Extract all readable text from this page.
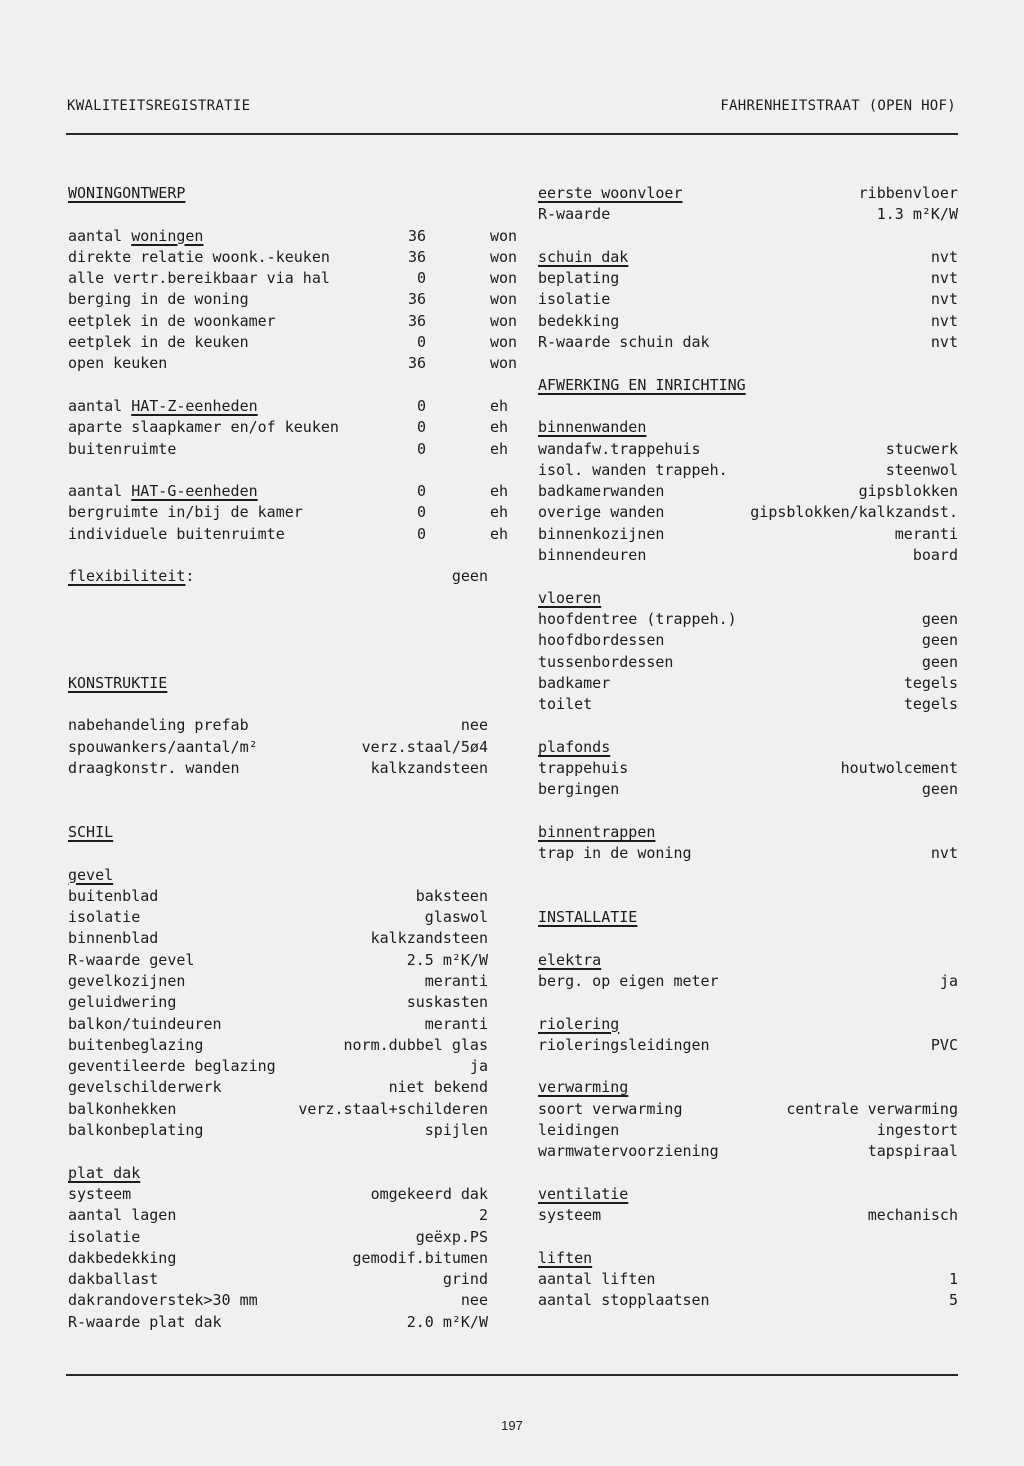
KWALITEITSREGISTRATIE	FAHRENHEITSTRAAT (OPEN HOF)
WONINGONTWERP
aantal woningen	36	won
direkte relatie woonk.-keuken	36	won
alle vertr.bereikbaar via hal	0	won
berging in de woning	36	won
eetplek in de woonkamer	36	won
eetplek in de keuken	0	won
open keuken	36	won
aantal HAT-Z-eenheden	0	eh
aparte slaapkamer en/of keuken	0	eh
buitenruimte	0	eh
aantal HAT-G-eenheden	0	eh
bergruimte in/bij de kamer	0	eh
individuele buitenruimte	0	eh
flexibiliteit:	geen
KONSTRUKTIE
nabehandeling prefab	nee
spouwankers/aantal/m²	verz.staal/5ø4
draagkonstr. wanden	kalkzandsteen
SCHIL
gevel
buitenblad	baksteen
isolatie	glaswol
binnenblad	kalkzandsteen
R-waarde gevel	2.5 m²K/W
gevelkozijnen	meranti
geluidwering	suskasten
balkon/tuindeuren	meranti
buitenbeglazing	norm.dubbel glas
geventileerde beglazing	ja
gevelschilderwerk	niet bekend
balkonhekken	verz.staal+schilderen
balkonbeplating	spijlen
plat dak
systeem	omgekeerd dak
aantal lagen	2
isolatie	geëxp.PS
dakbedekking	gemodif.bitumen
dakballast	grind
dakrandoverstek>30 mm	nee
R-waarde plat dak	2.0 m²K/W
eerste woonvloer	ribbenvloer
R-waarde	1.3 m²K/W
schuin dak	nvt
beplating	nvt
isolatie	nvt
bedekking	nvt
R-waarde schuin dak	nvt
AFWERKING EN INRICHTING
binnenwanden
wandafw.trappehuis	stucwerk
isol. wanden trappeh.	steenwol
badkamerwanden	gipsblokken
overige wanden	gipsblokken/kalkzandst.
binnenkozijnen	meranti
binnendeuren	board
vloeren
hoofdentree (trappeh.)	geen
hoofdbordessen	geen
tussenbordessen	geen
badkamer	tegels
toilet	tegels
plafonds
trappehuis	houtwolcement
bergingen	geen
binnentrappen
trap in de woning	nvt
INSTALLATIE
elektra
berg. op eigen meter	ja
riolering
rioleringsleidingen	PVC
verwarming
soort verwarming	centrale verwarming
leidingen	ingestort
warmwatervoorziening	tapspiraal
ventilatie
systeem	mechanisch
liften
aantal liften	1
aantal stopplaatsen	5
197
